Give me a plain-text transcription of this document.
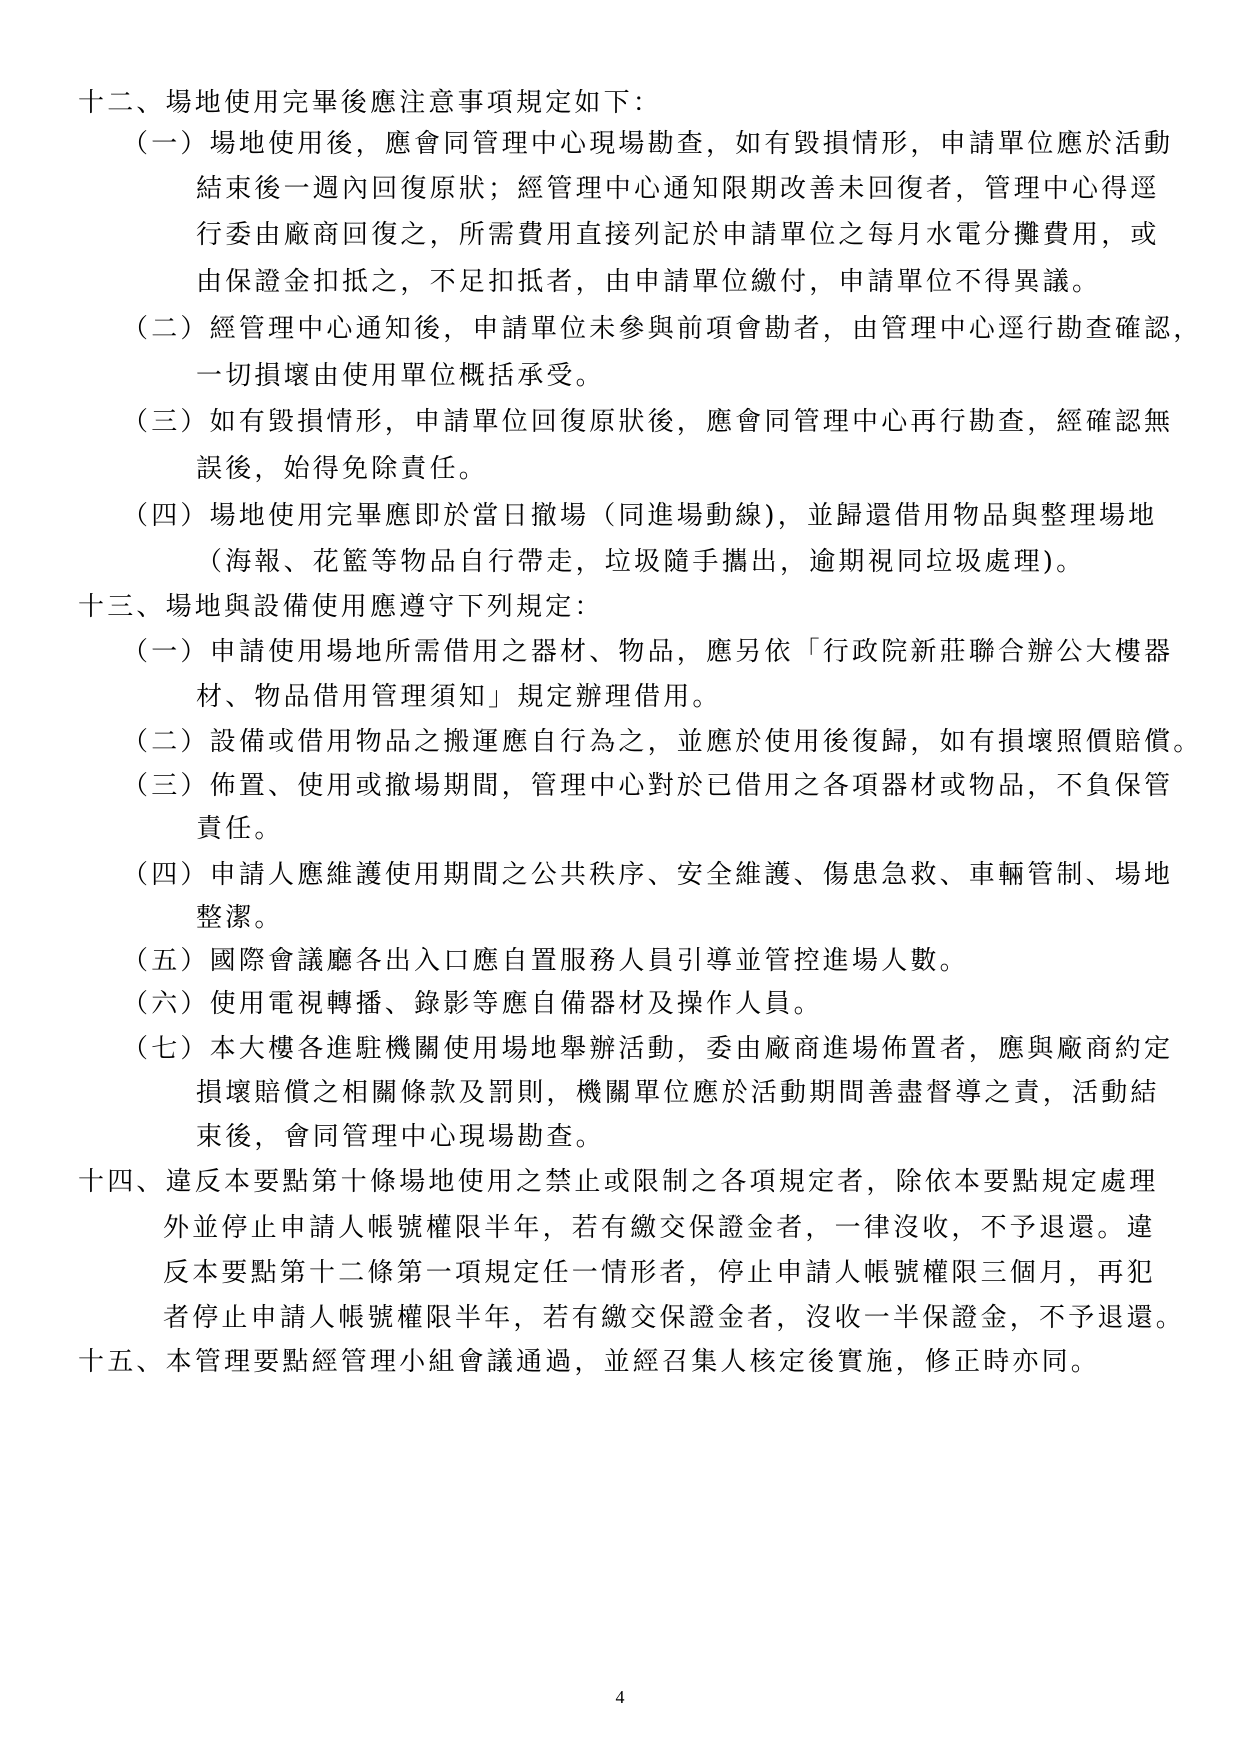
十二、場地使用完畢後應注意事項規定如下：

（一）場地使用後，應會同管理中心現場勘查，如有毀損情形，申請單位應於活動

結束後一週內回復原狀；經管理中心通知限期改善未回復者，管理中心得逕

行委由廠商回復之，所需費用直接列記於申請單位之每月水電分攤費用，或

由保證金扣抵之，不足扣抵者，由申請單位繳付，申請單位不得異議。

（二）經管理中心通知後，申請單位未參與前項會勘者，由管理中心逕行勘查確認，

一切損壞由使用單位概括承受。

（三）如有毀損情形，申請單位回復原狀後，應會同管理中心再行勘查，經確認無

誤後，始得免除責任。

（四）場地使用完畢應即於當日撤場（同進場動線)，並歸還借用物品與整理場地

（海報、花籃等物品自行帶走，垃圾隨手攜出，逾期視同垃圾處理)。

十三、場地與設備使用應遵守下列規定：

（一）申請使用場地所需借用之器材、物品，應另依「行政院新莊聯合辦公大樓器

材、物品借用管理須知」規定辦理借用。

（二）設備或借用物品之搬運應自行為之，並應於使用後復歸，如有損壞照價賠償。

（三）佈置、使用或撤場期間，管理中心對於已借用之各項器材或物品，不負保管

責任。

（四）申請人應維護使用期間之公共秩序、安全維護、傷患急救、車輛管制、場地

整潔。

（五）國際會議廳各出入口應自置服務人員引導並管控進場人數。

（六）使用電視轉播、錄影等應自備器材及操作人員。

（七）本大樓各進駐機關使用場地舉辦活動，委由廠商進場佈置者，應與廠商約定

損壞賠償之相關條款及罰則，機關單位應於活動期間善盡督導之責，活動結

束後，會同管理中心現場勘查。

十四、違反本要點第十條場地使用之禁止或限制之各項規定者，除依本要點規定處理

外並停止申請人帳號權限半年，若有繳交保證金者，一律沒收，不予退還。違

反本要點第十二條第一項規定任一情形者，停止申請人帳號權限三個月，再犯

者停止申請人帳號權限半年，若有繳交保證金者，沒收一半保證金，不予退還。

十五、本管理要點經管理小組會議通過，並經召集人核定後實施，修正時亦同。

4
